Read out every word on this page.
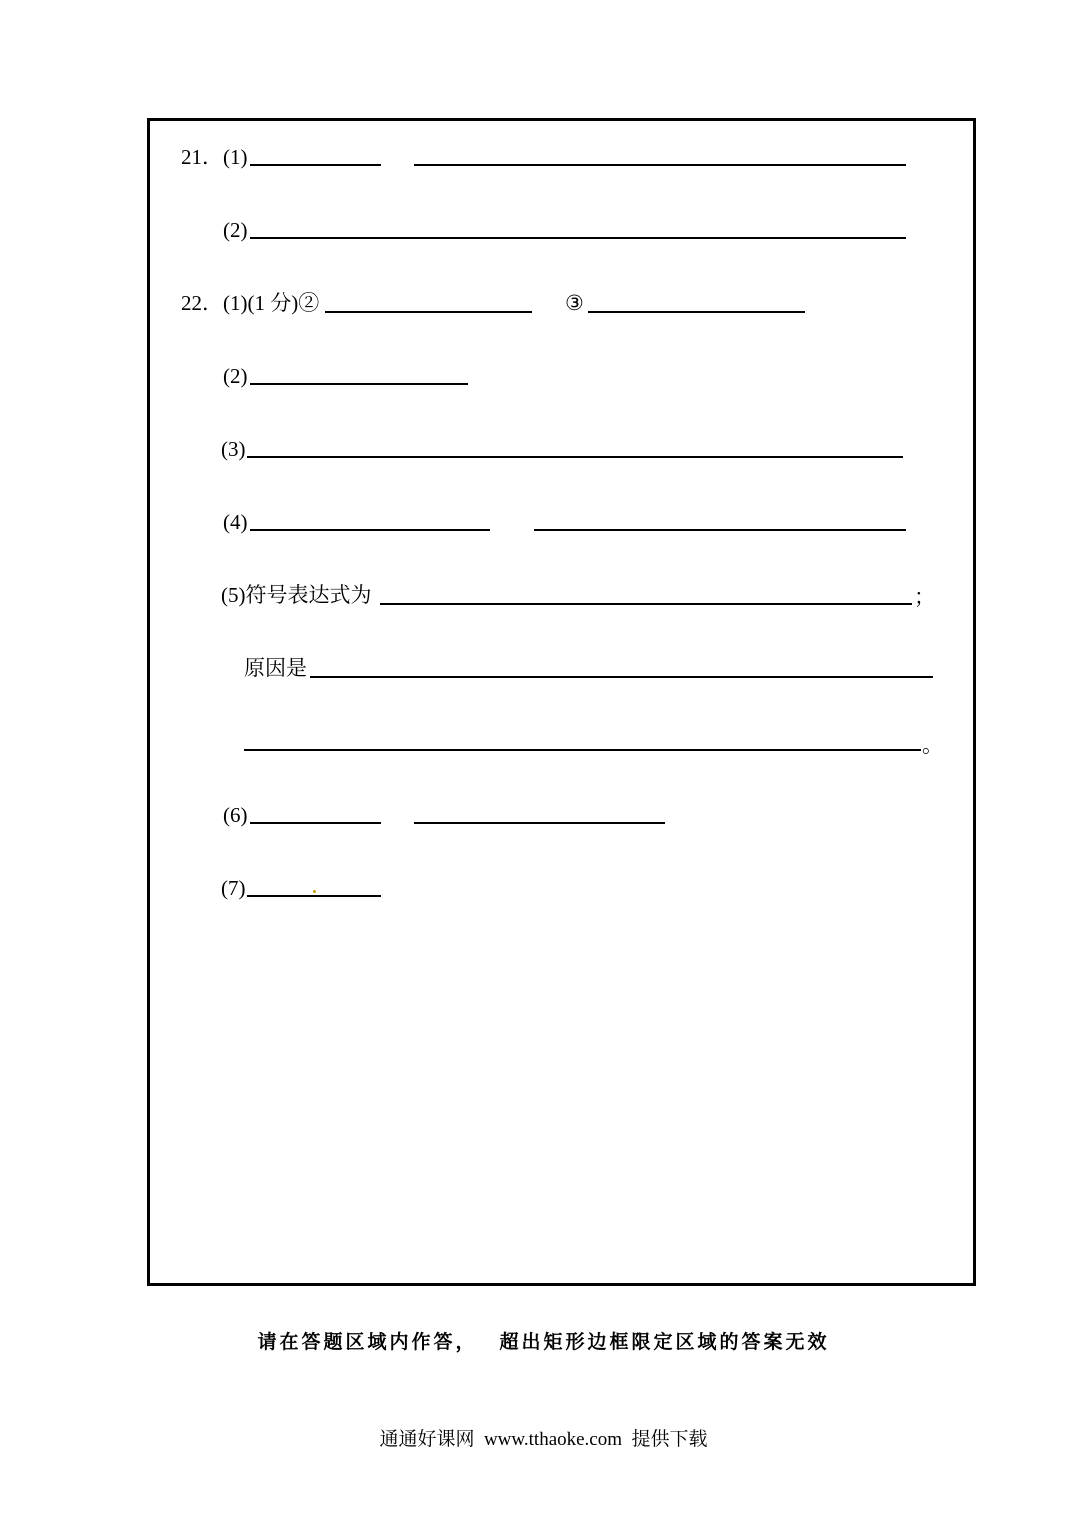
21．(1)
(2)
22．(1)(1 分)②	③
(2)
(3)
(4)
(5)符号表达式为	；
原因是
。
(6)
(7)
请在答题区域内作答， 超出矩形边框限定区域的答案无效
通通好课网  www.tthaoke.com  提供下载
